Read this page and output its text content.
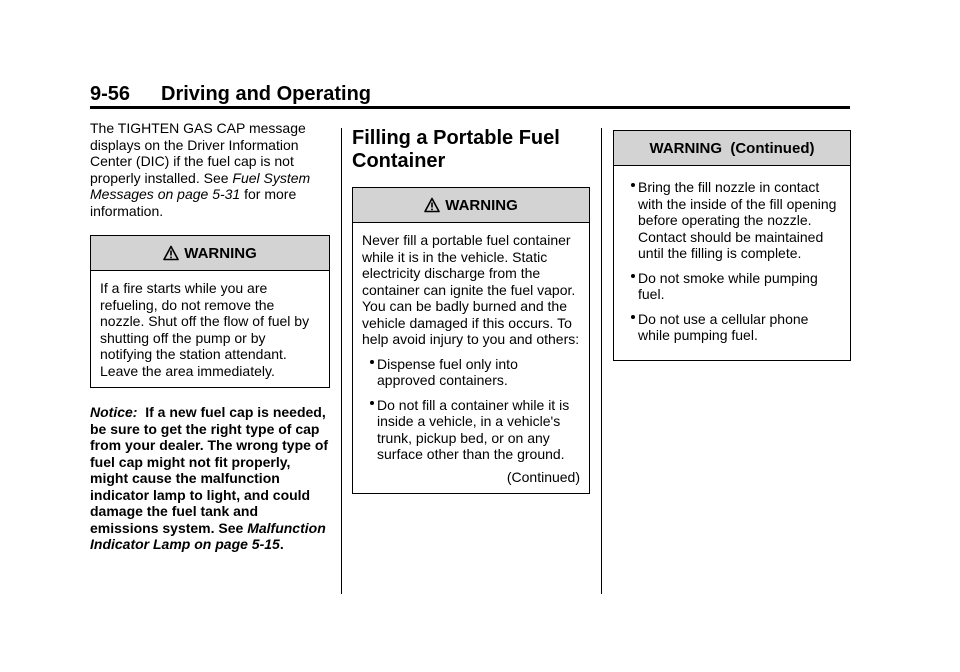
9-56 Driving and Operating

The TIGHTEN GAS CAP message displays on the Driver Information Center (DIC) if the fuel cap is not properly installed. See Fuel System Messages on page 5-31 for more information.

WARNING

If a fire starts while you are refueling, do not remove the nozzle. Shut off the flow of fuel by shutting off the pump or by notifying the station attendant. Leave the area immediately.

Notice: If a new fuel cap is needed, be sure to get the right type of cap from your dealer. The wrong type of fuel cap might not fit properly, might cause the malfunction indicator lamp to light, and could damage the fuel tank and emissions system. See Malfunction Indicator Lamp on page 5-15.

Filling a Portable Fuel Container
WARNING

Never fill a portable fuel container while it is in the vehicle. Static electricity discharge from the container can ignite the fuel vapor. You can be badly burned and the vehicle damaged if this occurs. To help avoid injury to you and others:

Dispense fuel only into approved containers.
Do not fill a container while it is inside a vehicle, in a vehicle's trunk, pickup bed, or on any surface other than the ground.
(Continued)
WARNING  (Continued)
Bring the fill nozzle in contact with the inside of the fill opening before operating the nozzle. Contact should be maintained until the filling is complete.
Do not smoke while pumping fuel.
Do not use a cellular phone while pumping fuel.
